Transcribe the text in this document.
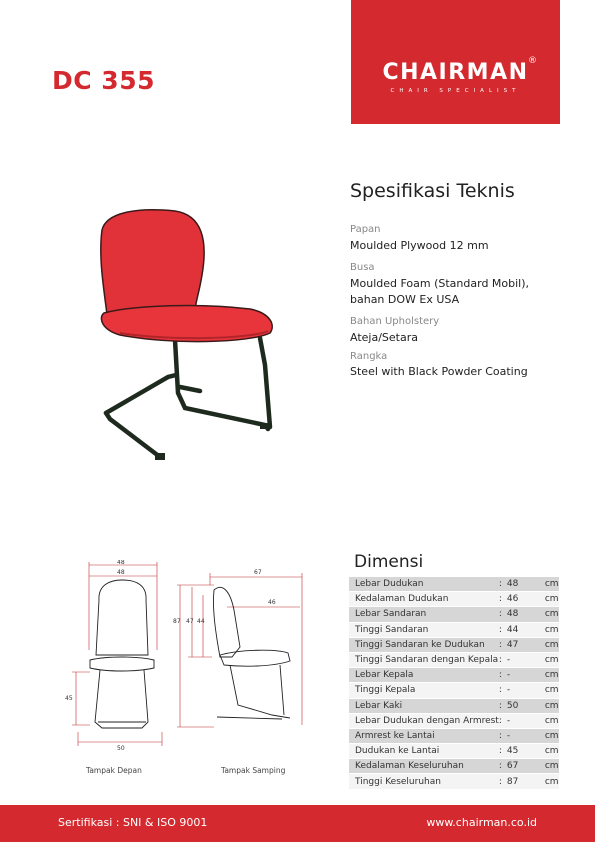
DC 355	CHAIRMAN ®
CHAIR SPECIALIST
Spesifikasi Teknis
Papan
Moulded Plywood 12 mm
Busa
Moulded Foam (Standard Mobil),
bahan DOW Ex USA
Bahan Upholstery
Ateja/Setara
Rangka
Steel with Black Powder Coating
48
48
45
50
Tampak Depan
67
46
87 47 44
Tampak Samping
Dimensi
Lebar Dudukan	:	48	cm
Kedalaman Dudukan	:	46	cm
Lebar Sandaran	:	48	cm
Tinggi Sandaran	:	44	cm
Tinggi Sandaran ke Dudukan	:	47	cm
Tinggi Sandaran dengan Kepala	:	-	cm
Lebar Kepala	:	-	cm
Tinggi Kepala	:	-	cm
Lebar Kaki	:	50	cm
Lebar Dudukan dengan Armrest	:	-	cm
Armrest ke Lantai	:	-	cm
Dudukan ke Lantai	:	45	cm
Kedalaman Keseluruhan	:	67	cm
Tinggi Keseluruhan	:	87	cm
Sertifikasi : SNI & ISO 9001	www.chairman.co.id
